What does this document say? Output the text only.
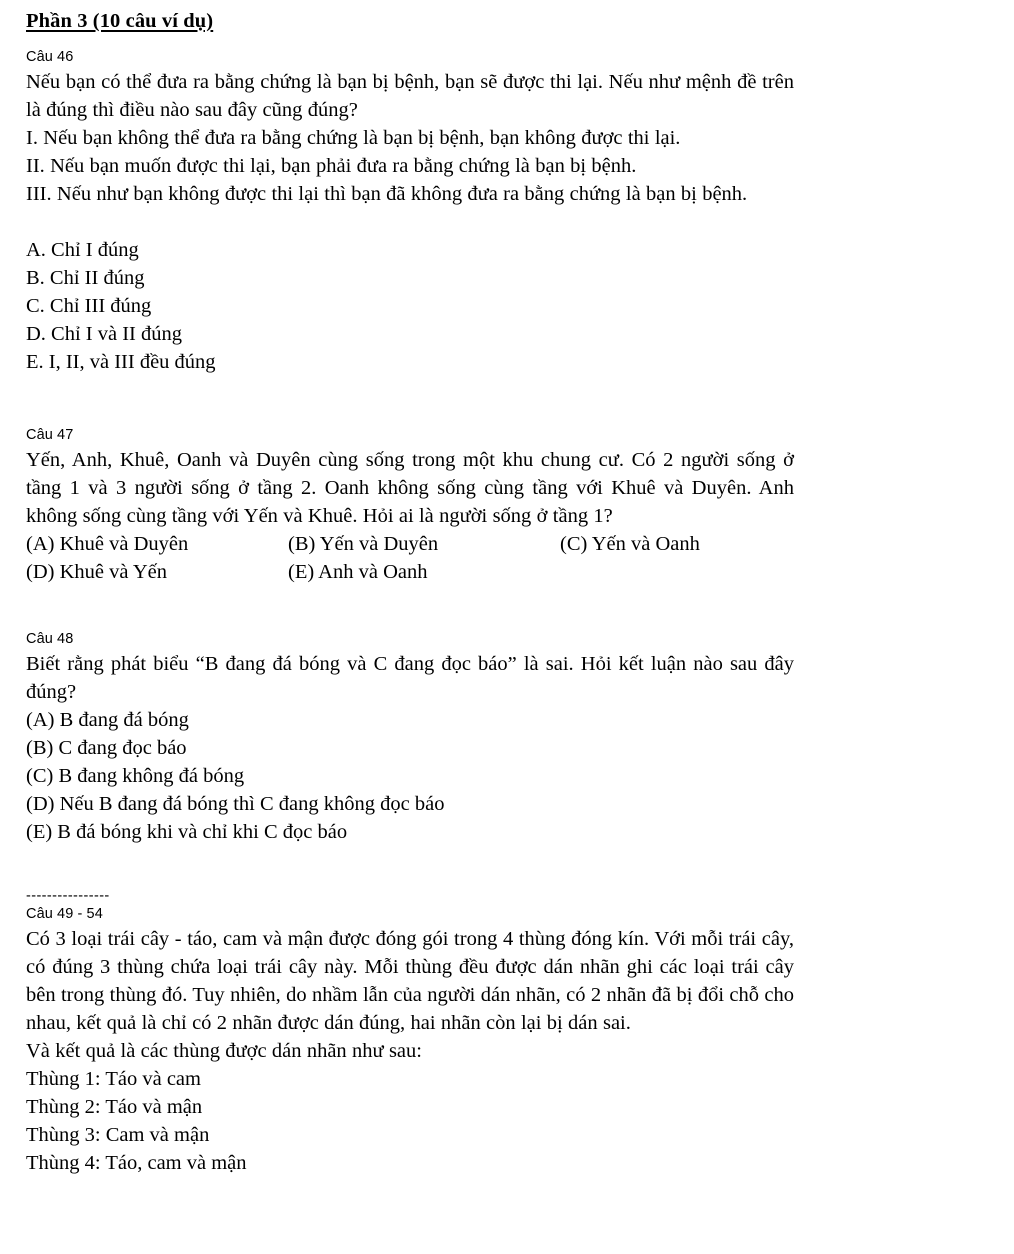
Phần 3 (10 câu ví dụ)
Câu 46

Nếu bạn có thể đưa ra bằng chứng là bạn bị bệnh, bạn sẽ được thi lại. Nếu như mệnh đề trên là đúng thì điều nào sau đây cũng đúng?

I. Nếu bạn không thể đưa ra bằng chứng là bạn bị bệnh, bạn không được thi lại.

II. Nếu bạn muốn được thi lại, bạn phải đưa ra bằng chứng là bạn bị bệnh.

III. Nếu như bạn không được thi lại thì bạn đã không đưa ra bằng chứng là bạn bị bệnh.

A. Chỉ I đúng
B. Chỉ II đúng
C. Chỉ III đúng
D. Chỉ I và II đúng
E. I, II, và III đều đúng
Câu 47

Yến, Anh, Khuê, Oanh và Duyên cùng sống trong một khu chung cư. Có 2 người sống ở tầng 1 và 3 người sống ở tầng 2. Oanh không sống cùng tầng với Khuê và Duyên. Anh không sống cùng tầng với Yến và Khuê. Hỏi ai là người sống ở tầng 1?

(A) Khuê và Duyên	(B) Yến và Duyên	(C) Yến và Oanh
(D) Khuê và Yến	(E) Anh và Oanh
Câu 48

Biết rằng phát biểu “B đang đá bóng và C đang đọc báo” là sai. Hỏi kết luận nào sau đây đúng?

(A) B đang đá bóng
(B) C đang đọc báo
(C) B đang không đá bóng
(D) Nếu B đang đá bóng thì C đang không đọc báo
(E) B đá bóng khi và chỉ khi C đọc báo
----------------
Câu 49 - 54

Có 3 loại trái cây - táo, cam và mận được đóng gói trong 4 thùng đóng kín. Với mỗi trái cây, có đúng 3 thùng chứa loại trái cây này. Mỗi thùng đều được dán nhãn ghi các loại trái cây bên trong thùng đó. Tuy nhiên, do nhầm lẫn của người dán nhãn, có 2 nhãn đã bị đổi chỗ cho nhau, kết quả là chỉ có 2 nhãn được dán đúng, hai nhãn còn lại bị dán sai.

Và kết quả là các thùng được dán nhãn như sau:

Thùng 1: Táo và cam
Thùng 2: Táo và mận
Thùng 3: Cam và mận
Thùng 4: Táo, cam và mận
